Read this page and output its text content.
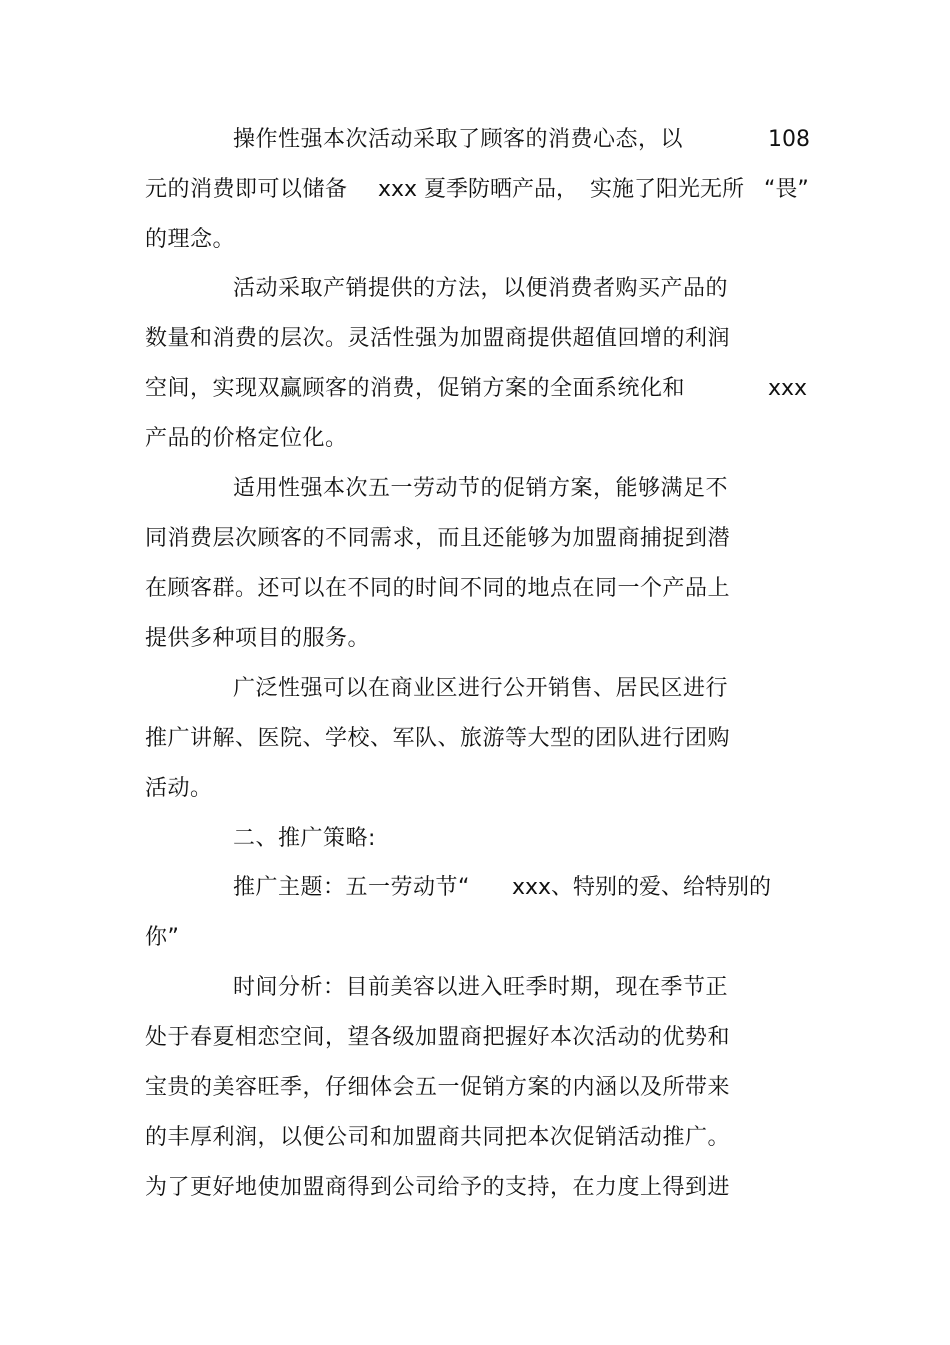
操作性强本次活动采取了顾客的消费心态，以	108
元的消费即可以储备 xxx 夏季防晒产品， 实施了阳光无所 “畏”
的理念。
活动采取产销提供的方法，以便消费者购买产品的
数量和消费的层次。灵活性强为加盟商提供超值回增的利润
空间，实现双赢顾客的消费，促销方案的全面系统化和	xxx
产品的价格定位化。
适用性强本次五一劳动节的促销方案，能够满足不
同消费层次顾客的不同需求，而且还能够为加盟商捕捉到潜
在顾客群。还可以在不同的时间不同的地点在同一个产品上
提供多种项目的服务。
广泛性强可以在商业区进行公开销售、居民区进行
推广讲解、医院、学校、军队、旅游等大型的团队进行团购
活动。
二、推广策略:
推广主题：五一劳动节“ xxx、特别的爱、给特别的
你”
时间分析：目前美容以进入旺季时期，现在季节正
处于春夏相恋空间，望各级加盟商把握好本次活动的优势和
宝贵的美容旺季，仔细体会五一促销方案的内涵以及所带来
的丰厚利润，以便公司和加盟商共同把本次促销活动推广。
为了更好地使加盟商得到公司给予的支持，在力度上得到进
